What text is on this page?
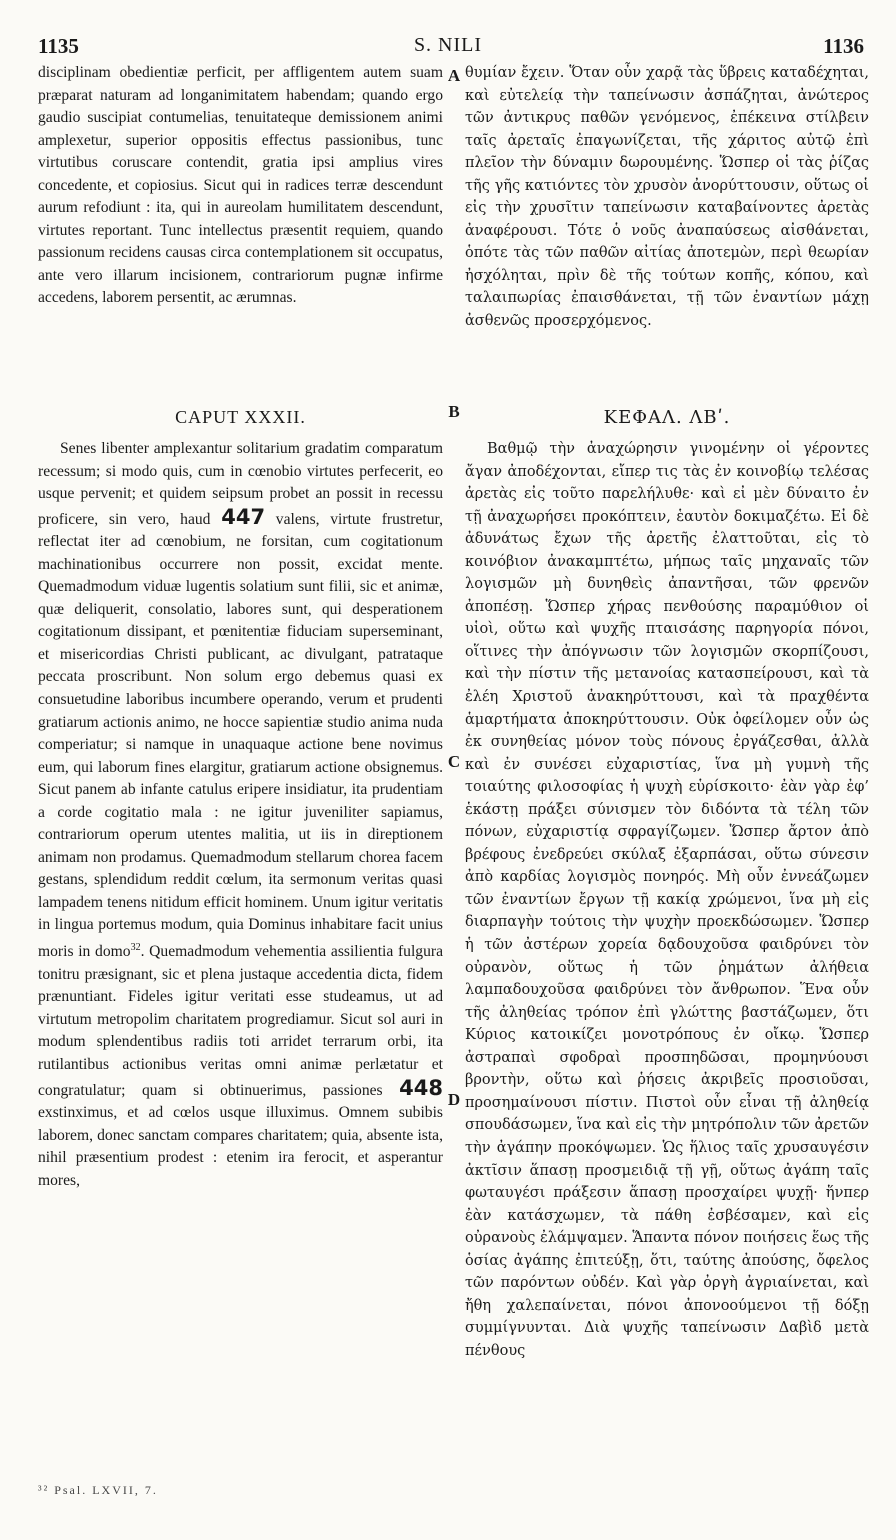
1135	S. NILI	1136
A
B
C
D

disciplinam obedientiæ perficit, per affligentem autem suam præparat naturam ad longanimitatem habendam; quando ergo gaudio suscipiat contumelias, tenuitateque demissionem animi amplexetur, superior oppositis effectus passionibus, tunc virtutibus coruscare contendit, gratia ipsi amplius vires concedente, et copiosius. Sicut qui in radices terræ descendunt aurum refodiunt : ita, qui in aureolam humilitatem descendunt, virtutes reportant. Tunc intellectus præsentit requiem, quando passionum recidens causas circa contemplationem sit occupatus, ante vero illarum incisionem, contrariorum pugnæ infirme accedens, laborem persentit, ac ærumnas.

CAPUT XXXII.

Senes libenter amplexantur solitarium gradatim comparatum recessum; si modo quis, cum in cœnobio virtutes perfecerit, eo usque pervenit; et quidem seipsum probet an possit in recessu proficere, sin vero, haud 447 valens, virtute frustretur, reflectat iter ad cœnobium, ne forsitan, cum cogitationum machinationibus occurrere non possit, excidat mente. Quemadmodum viduæ lugentis solatium sunt filii, sic et animæ, quæ deliquerit, consolatio, labores sunt, qui desperationem cogitationum dissipant, et pœnitentiæ fiduciam superseminant, et misericordias Christi publicant, ac divulgant, patrataque peccata proscribunt. Non solum ergo debemus quasi ex consuetudine laboribus incumbere operando, verum et prudenti gratiarum actionis animo, ne hocce sapientiæ studio anima nuda comperiatur; si namque in unaquaque actione bene novimus eum, qui laborum fines elargitur, gratiarum actione obsignemus. Sicut panem ab infante catulus eripere insidiatur, ita prudentiam a corde cogitatio mala : ne igitur juveniliter sapiamus, contrariorum operum utentes malitia, ut iis in direptionem animam non prodamus. Quemadmodum stellarum chorea facem gestans, splendidum reddit cœlum, ita sermonum veritas quasi lampadem tenens nitidum efficit hominem. Unum igitur veritatis in lingua portemus modum, quia Dominus inhabitare facit unius moris in domo$^{32}$. Quemadmodum vehementia assilientia fulgura tonitru præsignant, sic et plena justaque accedentia dicta, fidem prænuntiant. Fideles igitur veritati esse studeamus, ut ad virtutum metropolim charitatem progrediamur. Sicut sol auri in modum splendentibus radiis toti arridet terrarum orbi, ita rutilantibus actionibus veritas omni animæ perlætatur et congratulatur; quam si obtinuerimus, passiones 448 exstinximus, et ad cœlos usque illuximus. Omnem subibis laborem, donec sanctam compares charitatem; quia, absente ista, nihil præsentium prodest : etenim ira ferocit, et asperantur mores,

θυμίαν ἔχειν. Ὅταν οὖν χαρᾷ τὰς ὕβρεις καταδέχηται, καὶ εὐτελείᾳ τὴν ταπείνωσιν ἀσπάζηται, ἀνώτερος τῶν ἀντικρυς παθῶν γενόμενος, ἐπέκεινα στίλβειν ταῖς ἀρεταῖς ἐπαγωνίζεται, τῆς χάριτος αὐτῷ ἐπὶ πλεῖον τὴν δύναμιν δωρουμένης. Ὥσπερ οἱ τὰς ῥίζας τῆς γῆς κατιόντες τὸν χρυσὸν ἀνορύττουσιν, οὕτως οἱ εἰς τὴν χρυσῖτιν ταπείνωσιν καταβαίνοντες ἀρετὰς ἀναφέρουσι. Τότε ὁ νοῦς ἀναπαύσεως αἰσθάνεται, ὁπότε τὰς τῶν παθῶν αἰτίας ἀποτεμὼν, περὶ θεωρίαν ἠσχόληται, πρὶν δὲ τῆς τούτων κοπῆς, κόπου, καὶ ταλαιπωρίας ἐπαισθάνεται, τῇ τῶν ἐναντίων μάχῃ ἀσθενῶς προσερχόμενος.

ΚΕΦΑΛ. ΛΒʹ.

Βαθμῷ τὴν ἀναχώρησιν γινομένην οἱ γέροντες ἄγαν ἀποδέχονται, εἴπερ τις τὰς ἐν κοινοβίῳ τελέσας ἀρετὰς εἰς τοῦτο παρελήλυθε· καὶ εἰ μὲν δύναιτο ἐν τῇ ἀναχωρήσει προκόπτειν, ἑαυτὸν δοκιμαζέτω. Εἰ δὲ ἀδυνάτως ἔχων τῆς ἀρετῆς ἐλαττοῦται, εἰς τὸ κοινόβιον ἀνακαμπτέτω, μήπως ταῖς μηχαναῖς τῶν λογισμῶν μὴ δυνηθεὶς ἀπαντῆσαι, τῶν φρενῶν ἀποπέσῃ. Ὥσπερ χήρας πενθούσης παραμύθιον οἱ υἱοὶ, οὕτω καὶ ψυχῆς πταισάσης παρηγορία πόνοι, οἵτινες τὴν ἀπόγνωσιν τῶν λογισμῶν σκορπίζουσι, καὶ τὴν πίστιν τῆς μετανοίας κατασπείρουσι, καὶ τὰ ἐλέη Χριστοῦ ἀνακηρύττουσι, καὶ τὰ πραχθέντα ἁμαρτήματα ἀποκηρύττουσιν. Οὐκ ὀφείλομεν οὖν ὡς ἐκ συνηθείας μόνον τοὺς πόνους ἐργάζεσθαι, ἀλλὰ καὶ ἐν συνέσει εὐχαριστίας, ἵνα μὴ γυμνὴ τῆς τοιαύτης φιλοσοφίας ἡ ψυχὴ εὑρίσκοιτο· ἐὰν γὰρ ἐφ’ ἑκάστῃ πράξει σύνισμεν τὸν διδόντα τὰ τέλη τῶν πόνων, εὐχαριστίᾳ σφραγίζωμεν. Ὥσπερ ἄρτον ἀπὸ βρέφους ἐνεδρεύει σκύλαξ ἐξαρπάσαι, οὕτω σύνεσιν ἀπὸ καρδίας λογισμὸς πονηρός. Μὴ οὖν ἐννεάζωμεν τῶν ἐναντίων ἔργων τῇ κακίᾳ χρώμενοι, ἵνα μὴ εἰς διαρπαγὴν τούτοις τὴν ψυχὴν προεκδώσωμεν. Ὥσπερ ἡ τῶν ἀστέρων χορεία δᾳδουχοῦσα φαιδρύνει τὸν οὐρανὸν, οὕτως ἡ τῶν ῥημάτων ἀλήθεια λαμπαδουχοῦσα φαιδρύνει τὸν ἄνθρωπον. Ἕνα οὖν τῆς ἀληθείας τρόπον ἐπὶ γλώττης βαστάζωμεν, ὅτι Κύριος κατοικίζει μονοτρόπους ἐν οἴκῳ. Ὥσπερ ἀστραπαὶ σφοδραὶ προσπηδῶσαι, προμηνύουσι βροντὴν, οὕτω καὶ ῥήσεις ἀκριβεῖς προσιοῦσαι, προσημαίνουσι πίστιν. Πιστοὶ οὖν εἶναι τῇ ἀληθείᾳ σπουδάσωμεν, ἵνα καὶ εἰς τὴν μητρόπολιν τῶν ἀρετῶν τὴν ἀγάπην προκόψωμεν. Ὡς ἥλιος ταῖς χρυσαυγέσιν ἀκτῖσιν ἅπασῃ προσμειδιᾷ τῇ γῇ, οὕτως ἀγάπη ταῖς φωταυγέσι πράξεσιν ἅπασῃ προσχαίρει ψυχῇ· ἥνπερ ἐὰν κατάσχωμεν, τὰ πάθη ἐσβέσαμεν, καὶ εἰς οὐρανοὺς ἐλάμψαμεν. Ἅπαντα πόνον ποιήσεις ἕως τῆς ὁσίας ἀγάπης ἐπιτεύξῃ, ὅτι, ταύτης ἀπούσης, ὄφελος τῶν παρόντων οὐδέν. Καὶ γὰρ ὀργὴ ἀγριαίνεται, καὶ ἤθη χαλεπαίνεται, πόνοι ἀπονοούμενοι τῇ δόξῃ συμμίγνυνται. Διὰ ψυχῆς ταπείνωσιν Δαβὶδ μετὰ πένθους

³² Psal. LXVII, 7.
